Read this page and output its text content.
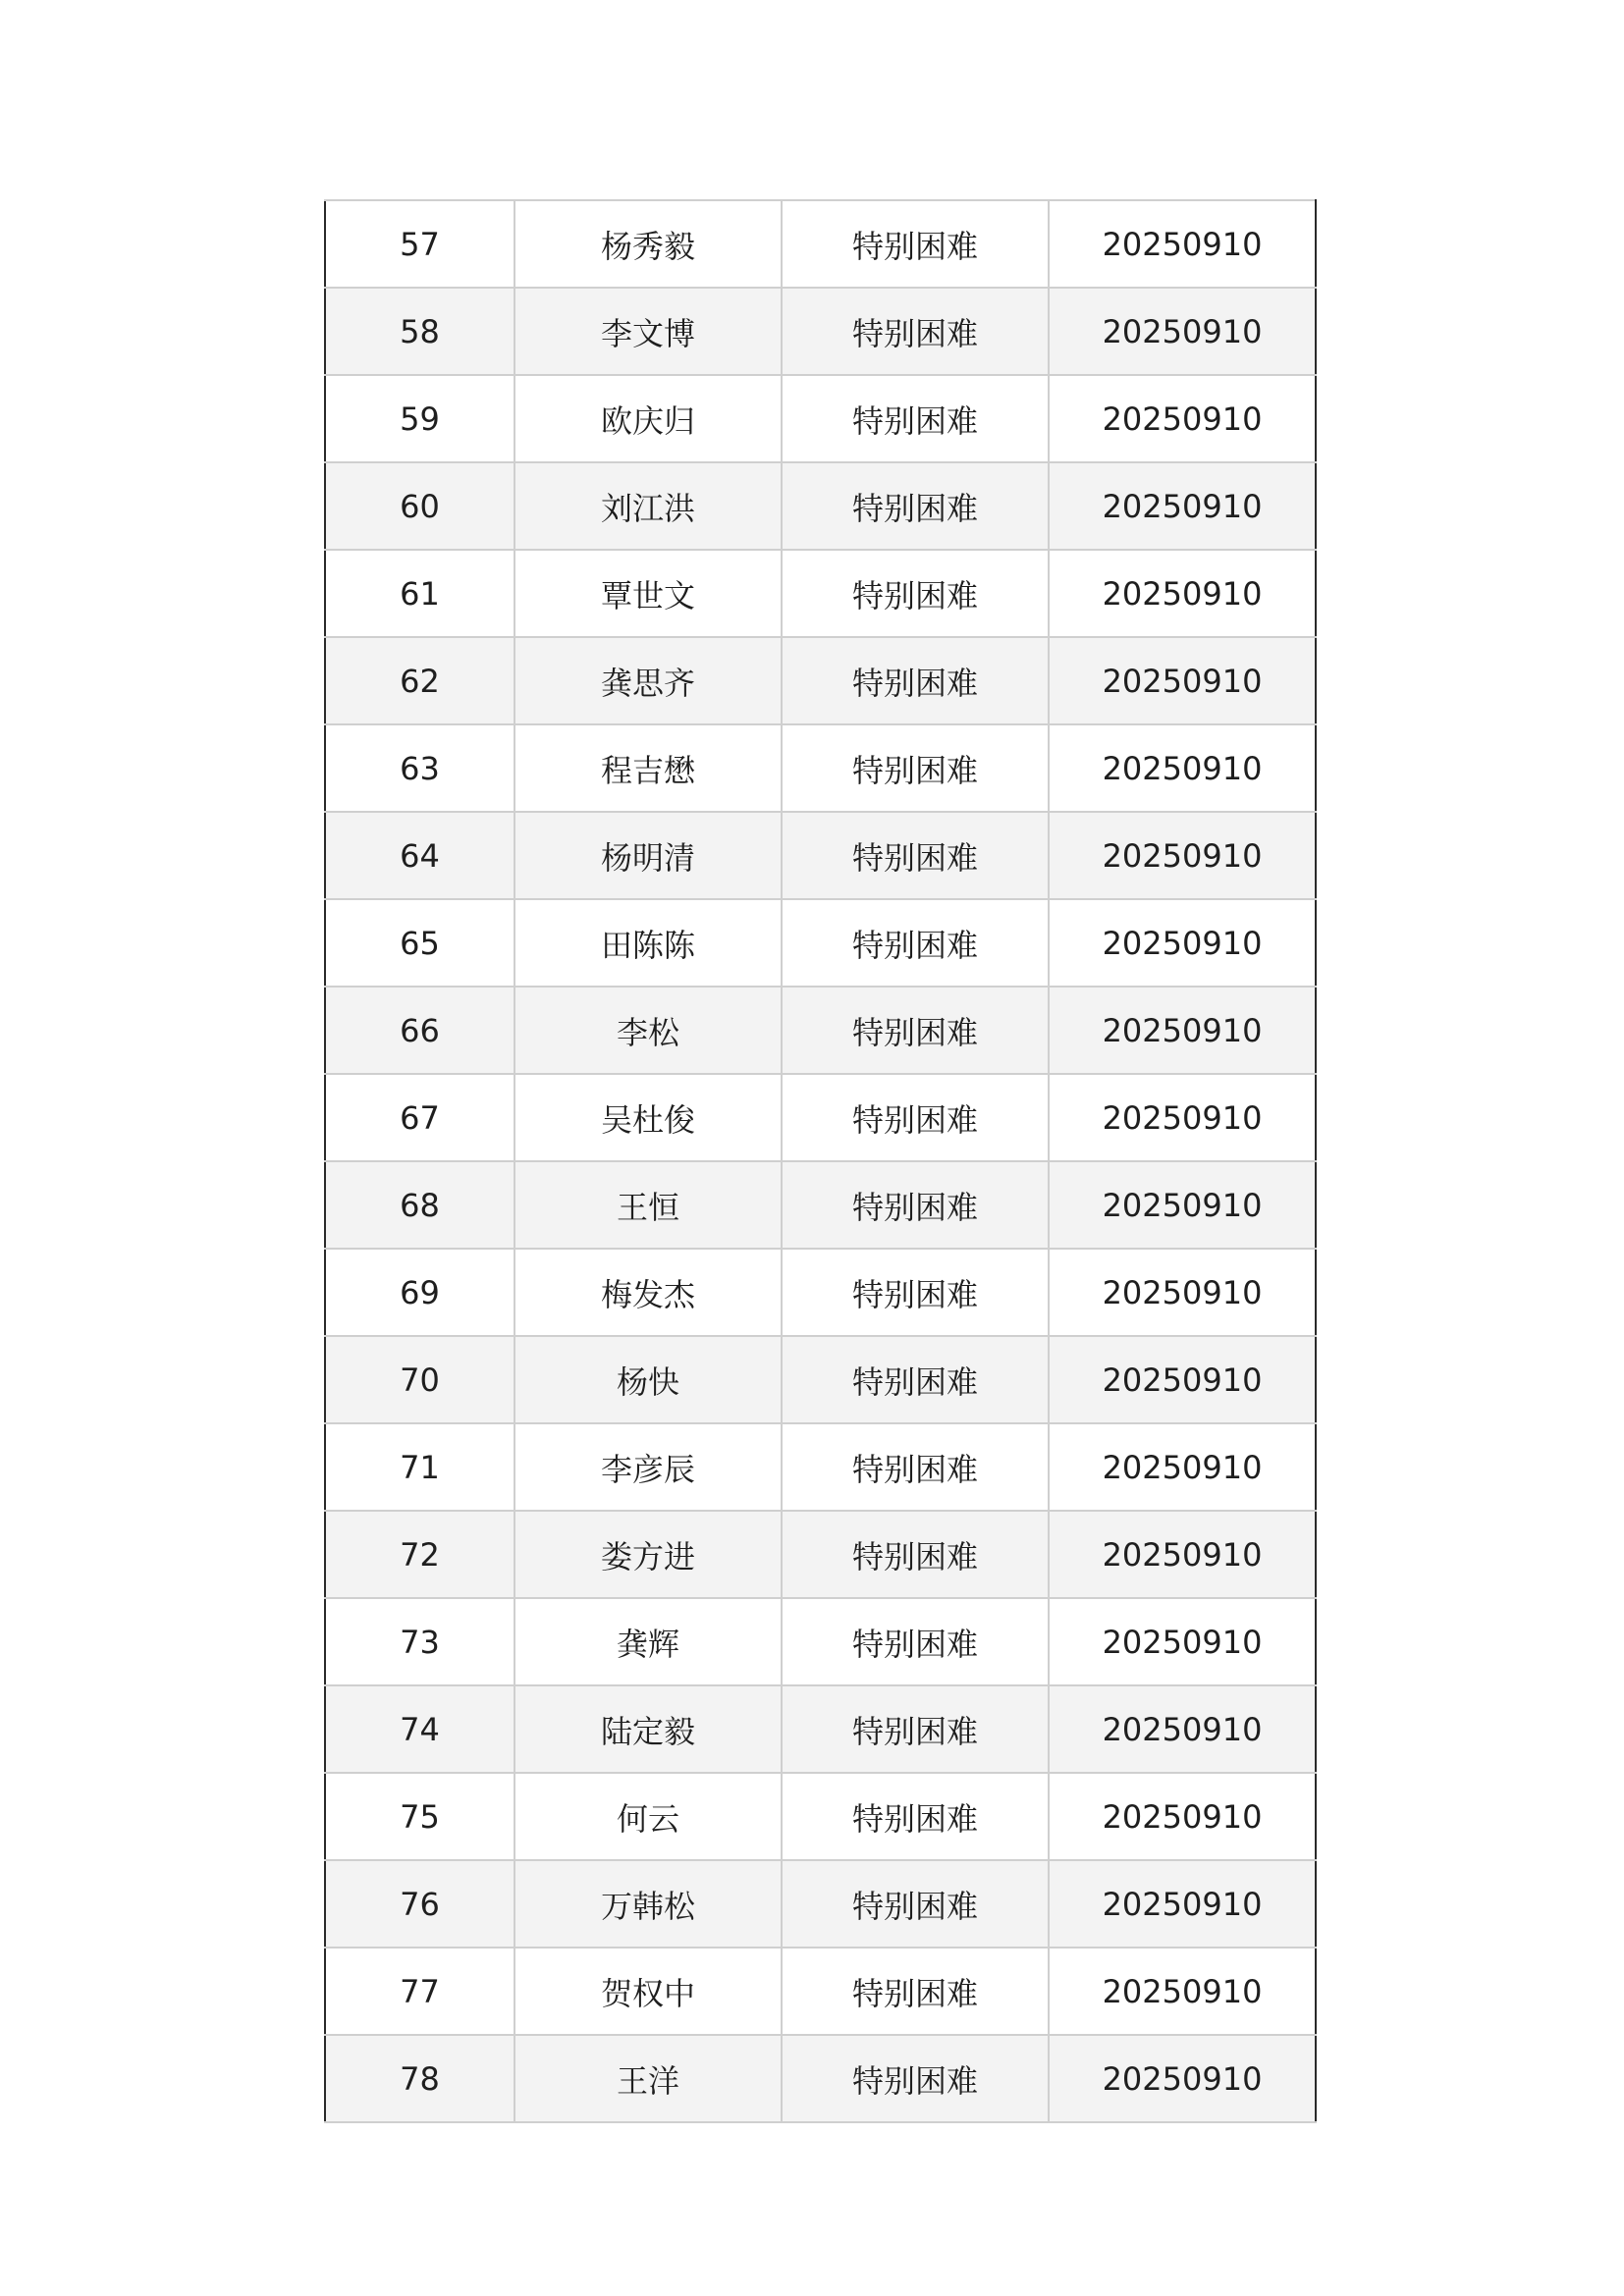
57	杨秀毅	特别困难	20250910
58	李文博	特别困难	20250910
59	欧庆归	特别困难	20250910
60	刘江洪	特别困难	20250910
61	覃世文	特别困难	20250910
62	龚思齐	特别困难	20250910
63	程吉懋	特别困难	20250910
64	杨明清	特别困难	20250910
65	田陈陈	特别困难	20250910
66	李松	特别困难	20250910
67	吴杜俊	特别困难	20250910
68	王恒	特别困难	20250910
69	梅发杰	特别困难	20250910
70	杨快	特别困难	20250910
71	李彦辰	特别困难	20250910
72	娄方进	特别困难	20250910
73	龚辉	特别困难	20250910
74	陆定毅	特别困难	20250910
75	何云	特别困难	20250910
76	万韩松	特别困难	20250910
77	贺权中	特别困难	20250910
78	王洋	特别困难	20250910
